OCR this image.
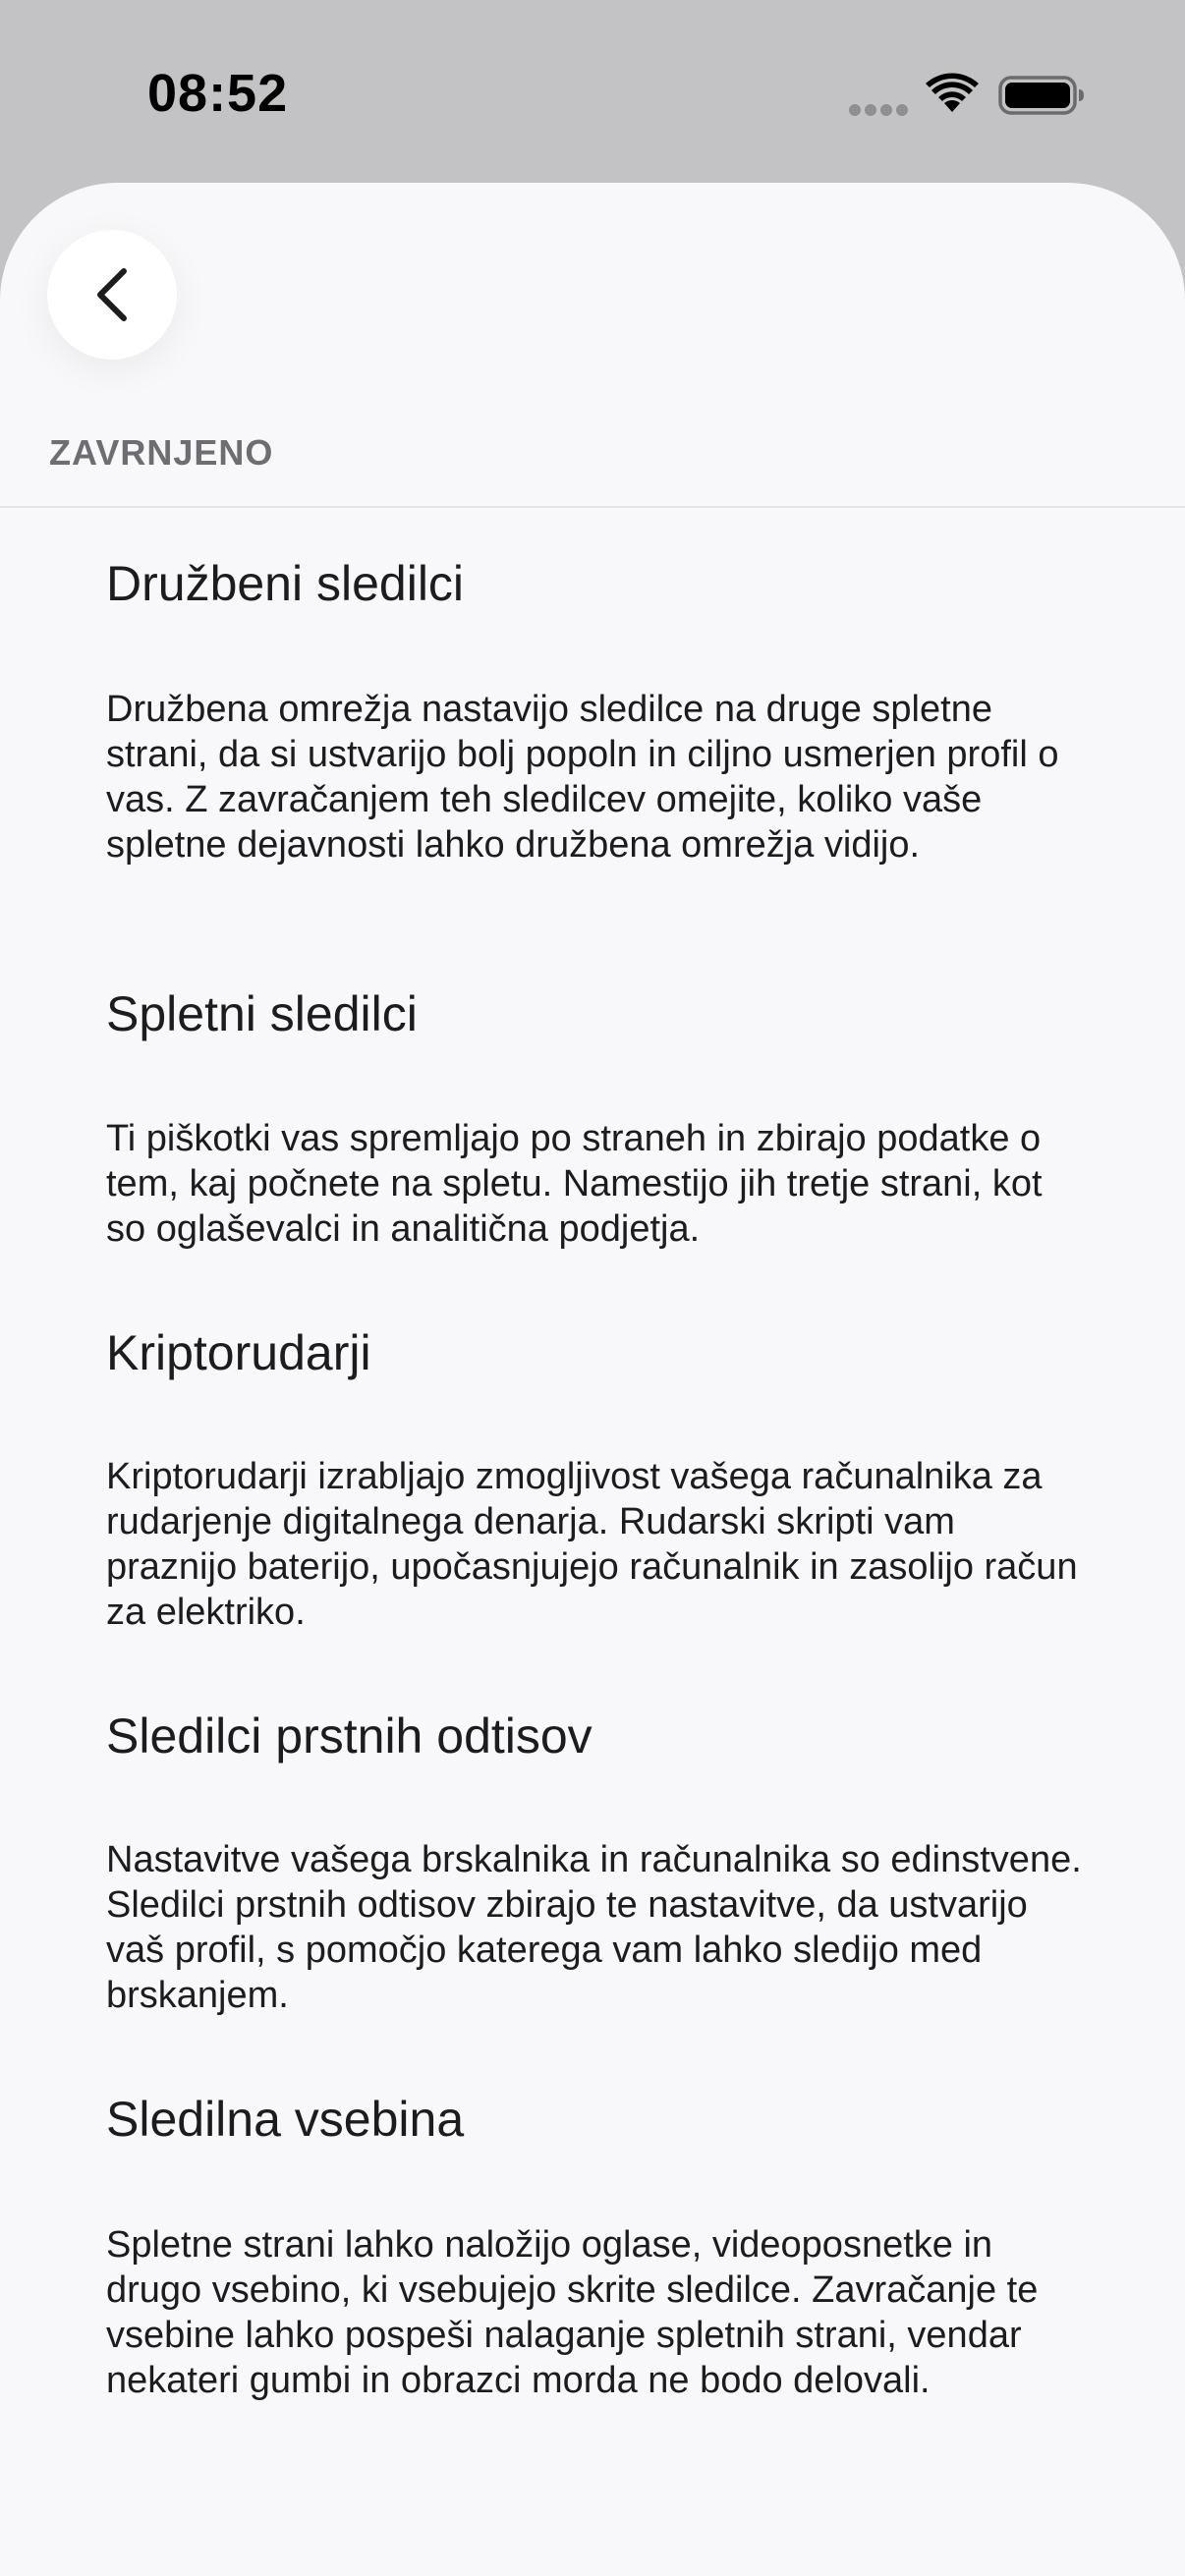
08:52
ZAVRNJENO
Družbeni sledilci

Družbena omrežja nastavijo sledilce na druge spletne strani, da si ustvarijo bolj popoln in ciljno usmerjen profil o vas. Z zavračanjem teh sledilcev omejite, koliko vaše spletne dejavnosti lahko družbena omrežja vidijo.

Spletni sledilci

Ti piškotki vas spremljajo po straneh in zbirajo podatke o tem, kaj počnete na spletu. Namestijo jih tretje strani, kot so oglaševalci in analitična podjetja.

Kriptorudarji

Kriptorudarji izrabljajo zmogljivost vašega računalnika za rudarjenje digitalnega denarja. Rudarski skripti vam praznijo baterijo, upočasnjujejo računalnik in zasolijo račun za elektriko.

Sledilci prstnih odtisov

Nastavitve vašega brskalnika in računalnika so edinstvene. Sledilci prstnih odtisov zbirajo te nastavitve, da ustvarijo vaš profil, s pomočjo katerega vam lahko sledijo med brskanjem.

Sledilna vsebina

Spletne strani lahko naložijo oglase, videoposnetke in drugo vsebino, ki vsebujejo skrite sledilce. Zavračanje te vsebine lahko pospeši nalaganje spletnih strani, vendar nekateri gumbi in obrazci morda ne bodo delovali.
